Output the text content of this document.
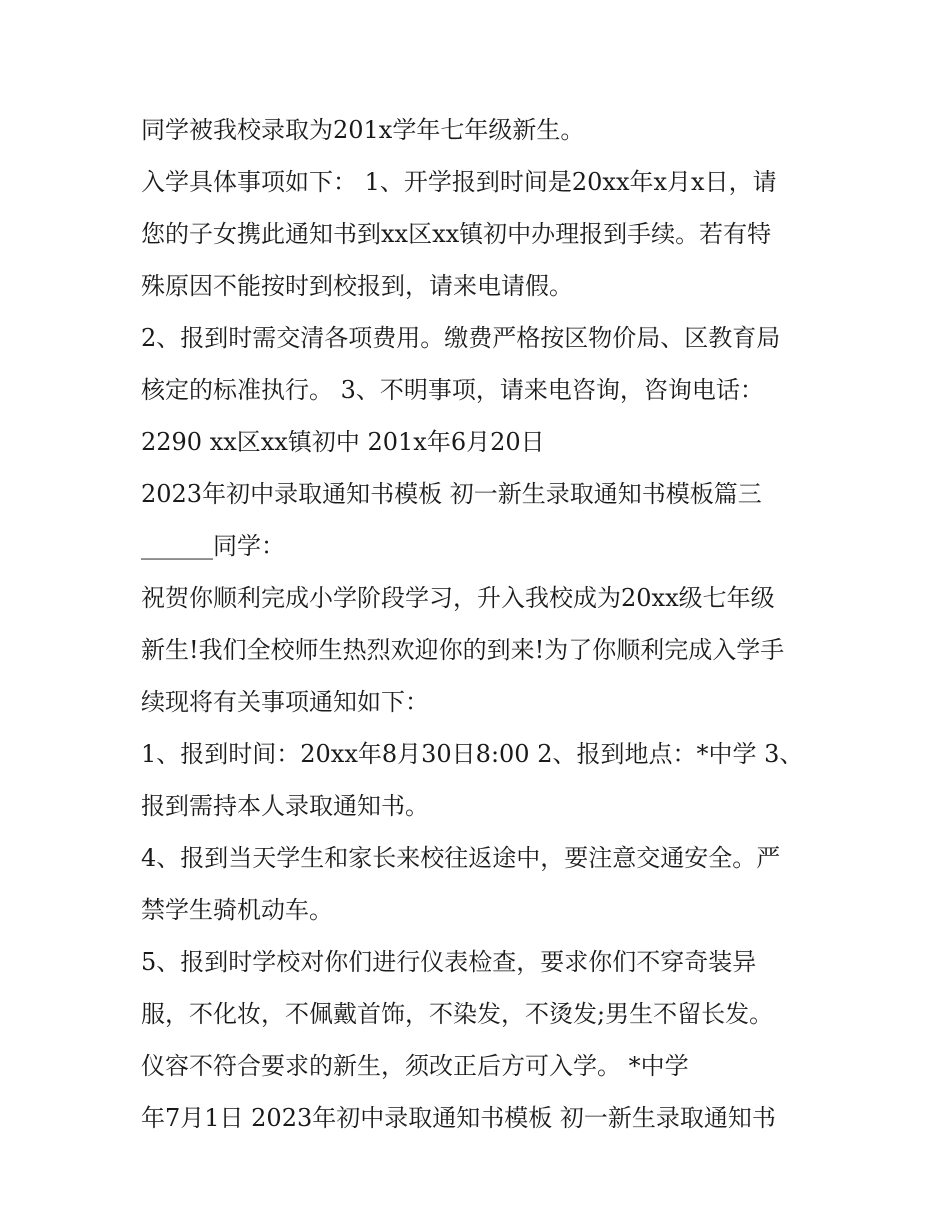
同学被我校录取为201x学年七年级新生。
入学具体事项如下： 1、开学报到时间是20xx年x月x日，请
您的子女携此通知书到xx区xx镇初中办理报到手续。若有特
殊原因不能按时到校报到，请来电请假。
2、报到时需交清各项费用。缴费严格按区物价局、区教育局
核定的标准执行。 3、不明事项，请来电咨询，咨询电话：
2290 xx区xx镇初中 201x年6月20日
2023年初中录取通知书模板 初一新生录取通知书模板篇三
______同学：
祝贺你顺利完成小学阶段学习，升入我校成为20xx级七年级
新生!我们全校师生热烈欢迎你的到来!为了你顺利完成入学手
续现将有关事项通知如下：
1、报到时间：20xx年8月30日8:00 2、报到地点：*中学 3、
报到需持本人录取通知书。
4、报到当天学生和家长来校往返途中，要注意交通安全。严
禁学生骑机动车。
5、报到时学校对你们进行仪表检查，要求你们不穿奇装异
服，不化妆，不佩戴首饰，不染发，不烫发;男生不留长发。
仪容不符合要求的新生，须改正后方可入学。 *中学
年7月1日 2023年初中录取通知书模板 初一新生录取通知书
